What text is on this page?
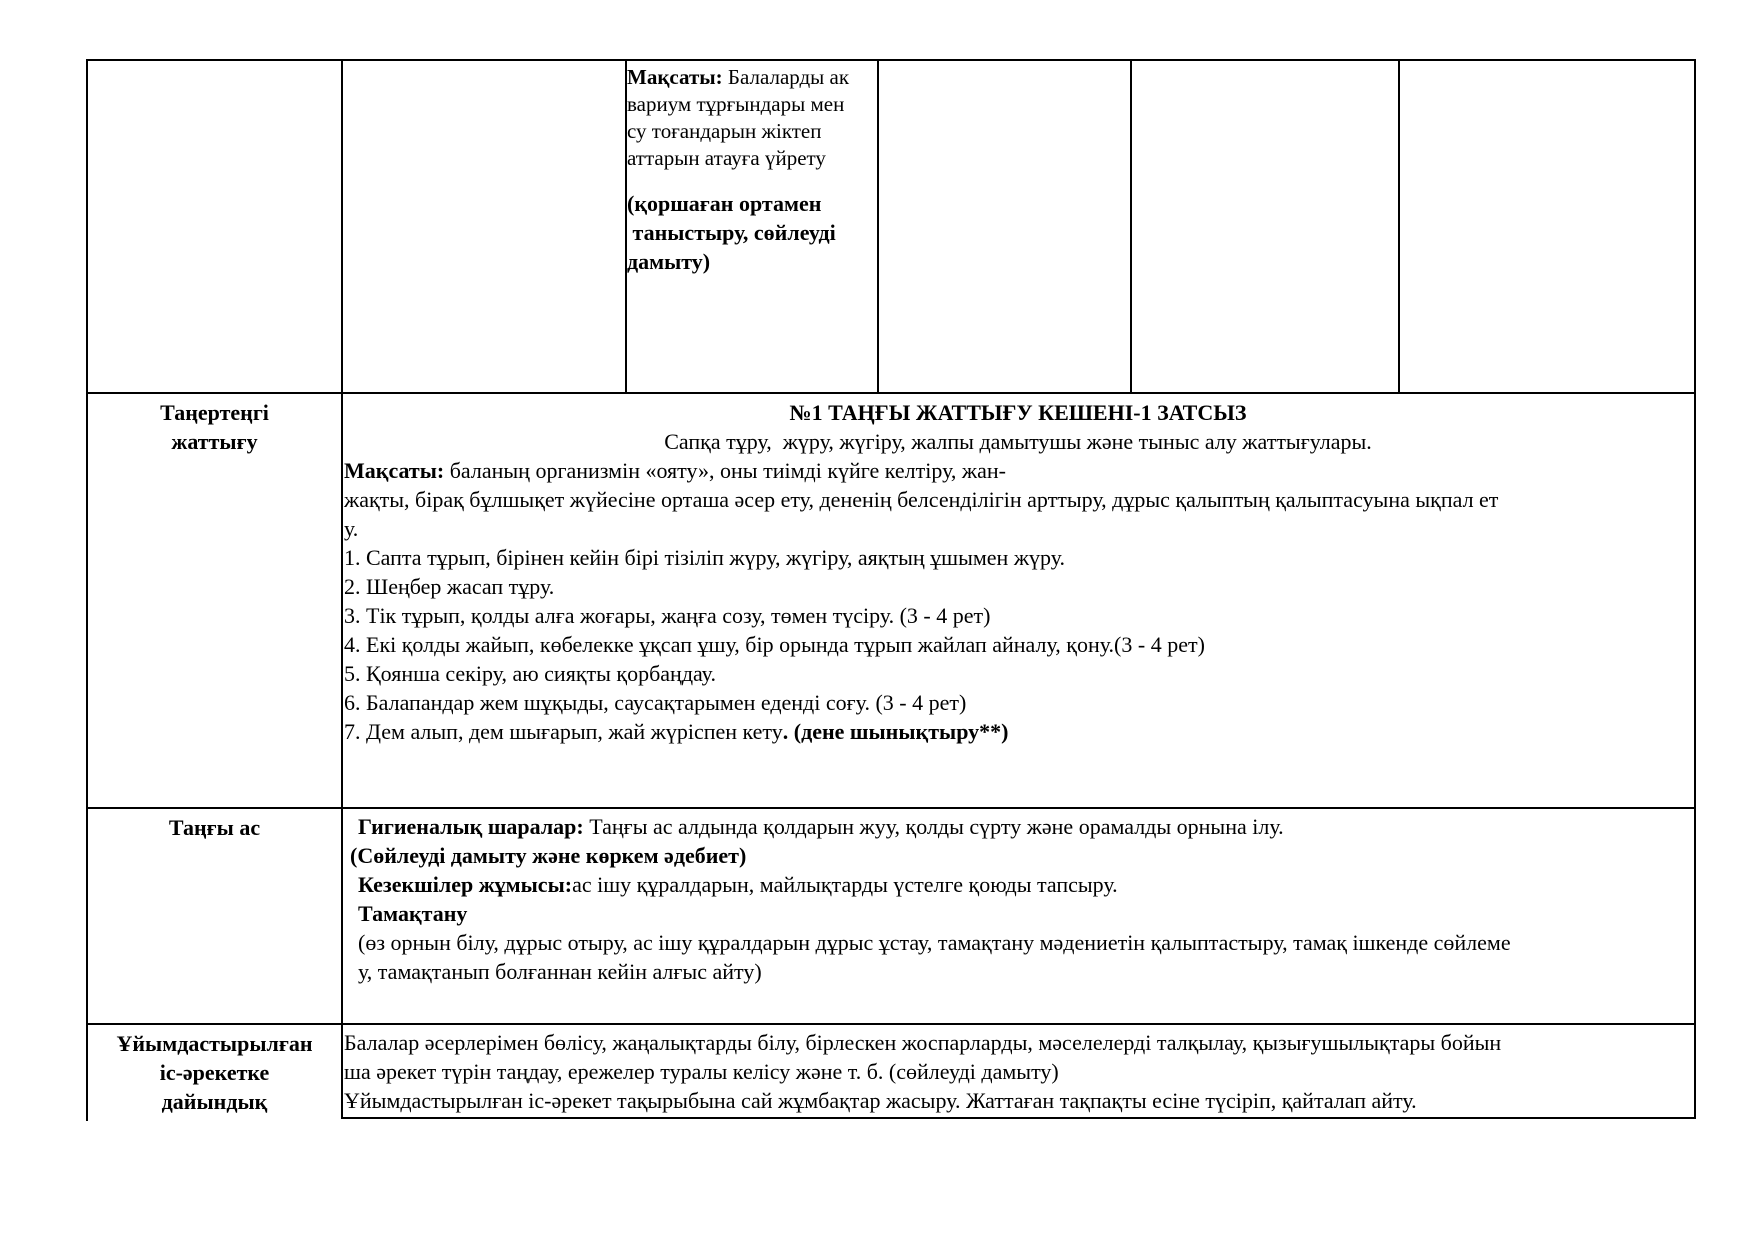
Мақсаты: Балаларды ак
вариум тұрғындары мен
су тоғандарын жіктеп
аттарын атауға үйрету
(қоршаған ортамен
таныстыру, сөйлеуді
дамыту)
Таңертеңгі
жаттығу

№1 ТАҢҒЫ ЖАТТЫҒУ КЕШЕНІ-1 ЗАТСЫЗ

Сапқа тұру,  жүру, жүгіру, жалпы дамытушы және тыныс алу жаттығулары.

Мақсаты: баланың организмін «ояту», оны тиімді күйге келтіру, жан-

жақты, бірақ бұлшықет жүйесіне орташа әсер ету, дененің белсенділігін арттыру, дұрыс қалыптың қалыптасуына ықпал ет

у.

1. Сапта тұрып, бірінен кейін бірі тізіліп жүру, жүгіру, аяқтың ұшымен жүру.

2. Шеңбер жасап тұру.

3. Тік тұрып, қолды алға жоғары, жаңға созу, төмен түсіру. (3 - 4 рет)

4. Екі қолды жайып, көбелекке ұқсап ұшу, бір орында тұрып жайлап айналу, қону.(3 - 4 рет)

5. Қояншa секіру, аю сияқты қорбаңдау.

6. Балапандар жем шұқыды, саусақтарымен еденді соғу. (3 - 4 рет)

7. Дем алып, дем шығарып, жай жүріспен кету. (дене шынықтыру**)

Таңғы ас	Гигиеналық шаралар: Таңғы ас алдында қолдарын жуу, қолды сүрту және орамалды орнына ілу.

(Сөйлеуді дамыту және көркем әдебиет)

Кезекшілер жұмысы:ас ішу құралдарын, майлықтарды үстелге қоюды тапсыру.

Тамақтану

(өз орнын білу, дұрыс отыру, ас ішу құралдарын дұрыс ұстау, тамақтану мәдениетін қалыптастыру, тамақ ішкенде сөйлеме

у, тамақтанып болғаннан кейін алғыс айту)

Ұйымдастырылған
іс-әрекетке
дайындық

Балалар әсерлерімен бөлісу, жаңалықтарды білу, бірлескен жоспарларды, мәселелерді талқылау, қызығушылықтары бойын

ша әрекет түрін таңдау, ережелер туралы келісу және т. б. (сөйлеуді дамыту)

Ұйымдастырылған іс-әрекет тақырыбына сай жұмбақтар жасыру. Жаттаған тақпақты есіне түсіріп, қайталап айту.
